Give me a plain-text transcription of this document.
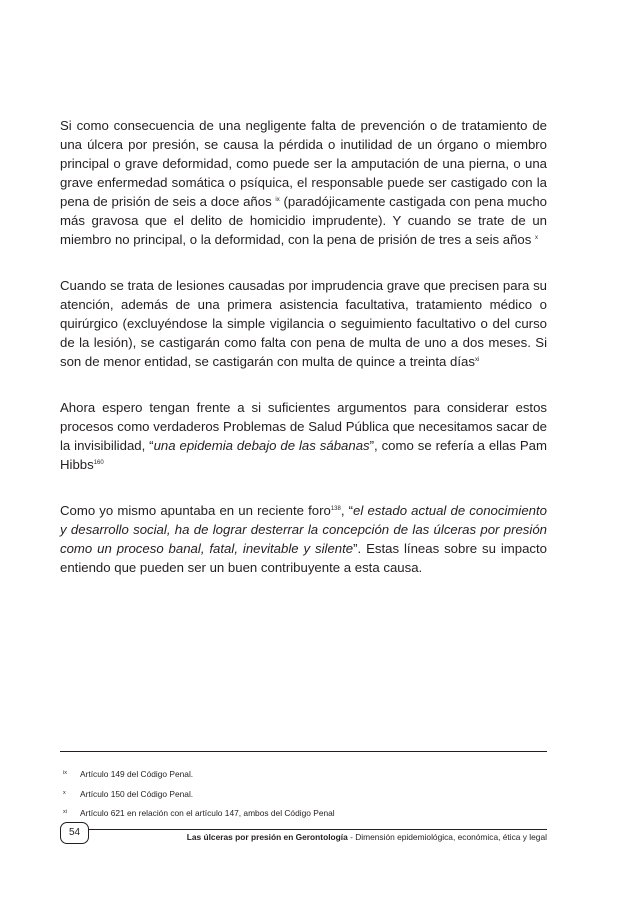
Si como consecuencia de una negligente falta de prevención o de tratamiento de una úlcera por presión, se causa la pérdida o inutilidad de un órgano o miembro principal o grave deformidad, como puede ser la amputación de una pierna, o una grave enfermedad somática o psíquica, el responsable puede ser castigado con la pena de prisión de seis a doce años $^{ix}$ (paradójicamente castigada con pena mucho más gravosa que el delito de homicidio imprudente). Y cuando se trate de un miembro no principal, o la deformidad, con la pena de prisión de tres a seis años $^x$

Cuando se trata de lesiones causadas por imprudencia grave que precisen para su atención, además de una primera asistencia facultativa, tratamiento médico o quirúrgico (excluyéndose la simple vigilancia o seguimiento facultativo o del curso de la lesión), se castigarán como falta con pena de multa de uno a dos meses. Si son de menor entidad, se castigarán con multa de quince a treinta días$^{xi}$

Ahora espero tengan frente a si suficientes argumentos para considerar estos procesos como verdaderos Problemas de Salud Pública que necesitamos sacar de la invisibilidad, “una epidemia debajo de las sábanas”, como se refería a ellas Pam Hibbs$^{160}$

Como yo mismo apuntaba en un reciente foro$^{138}$, “el estado actual de conocimiento y desarrollo social, ha de lograr desterrar la concepción de las úlceras por presión como un proceso banal, fatal, inevitable y silente”. Estas líneas sobre su impacto entiendo que pueden ser un buen contribuyente a esta causa.

ix Artículo 149 del Código Penal.
x Artículo 150 del Código Penal.
xi Artículo 621 en relación con el artículo 147, ambos del Código Penal
54	Las úlceras por presión en Gerontología - Dimensión epidemiológica, económica, ética y legal
